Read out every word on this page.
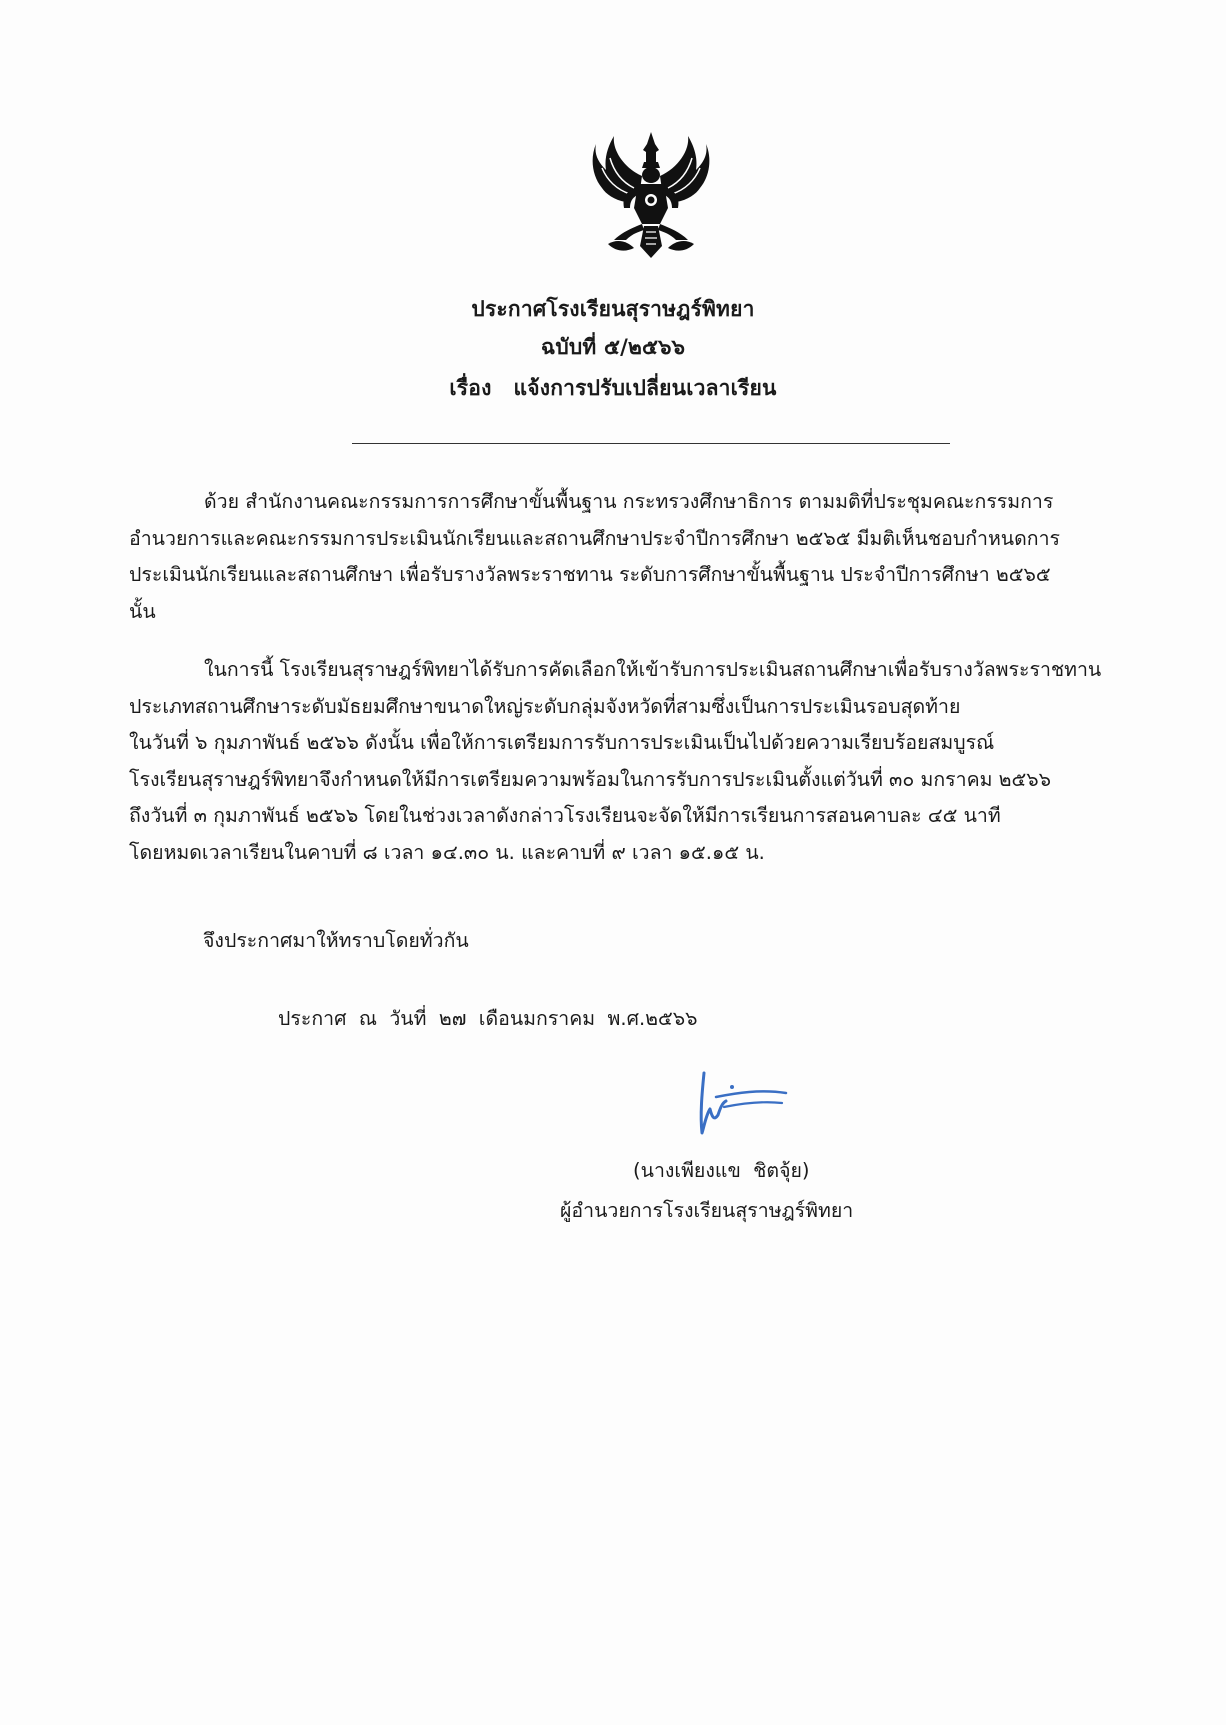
ประกาศโรงเรียนสุราษฎร์พิทยา
ฉบับที่ ๕/๒๕๖๖
เรื่อง แจ้งการปรับเปลี่ยนเวลาเรียน
ด้วย สำนักงานคณะกรรมการการศึกษาขั้นพื้นฐาน กระทรวงศึกษาธิการ ตามมติที่ประชุมคณะกรรมการ
อำนวยการและคณะกรรมการประเมินนักเรียนและสถานศึกษาประจำปีการศึกษา ๒๕๖๕ มีมติเห็นชอบกำหนดการ
ประเมินนักเรียนและสถานศึกษา เพื่อรับรางวัลพระราชทาน ระดับการศึกษาขั้นพื้นฐาน ประจำปีการศึกษา ๒๕๖๕
นั้น
ในการนี้ โรงเรียนสุราษฎร์พิทยาได้รับการคัดเลือกให้เข้ารับการประเมินสถานศึกษาเพื่อรับรางวัลพระราชทาน
ประเภทสถานศึกษาระดับมัธยมศึกษาขนาดใหญ่ระดับกลุ่มจังหวัดที่สามซึ่งเป็นการประเมินรอบสุดท้าย
ในวันที่ ๖ กุมภาพันธ์ ๒๕๖๖ ดังนั้น เพื่อให้การเตรียมการรับการประเมินเป็นไปด้วยความเรียบร้อยสมบูรณ์
โรงเรียนสุราษฎร์พิทยาจึงกำหนดให้มีการเตรียมความพร้อมในการรับการประเมินตั้งแต่วันที่ ๓๐ มกราคม ๒๕๖๖
ถึงวันที่ ๓ กุมภาพันธ์ ๒๕๖๖ โดยในช่วงเวลาดังกล่าวโรงเรียนจะจัดให้มีการเรียนการสอนคาบละ ๔๕ นาที
โดยหมดเวลาเรียนในคาบที่ ๘ เวลา ๑๔.๓๐ น. และคาบที่ ๙ เวลา ๑๕.๑๕ น.
จึงประกาศมาให้ทราบโดยทั่วกัน
ประกาศ  ณ  วันที่  ๒๗  เดือนมกราคม  พ.ศ.๒๕๖๖
(นางเพียงแข  ชิตจุ้ย)
ผู้อำนวยการโรงเรียนสุราษฎร์พิทยา
